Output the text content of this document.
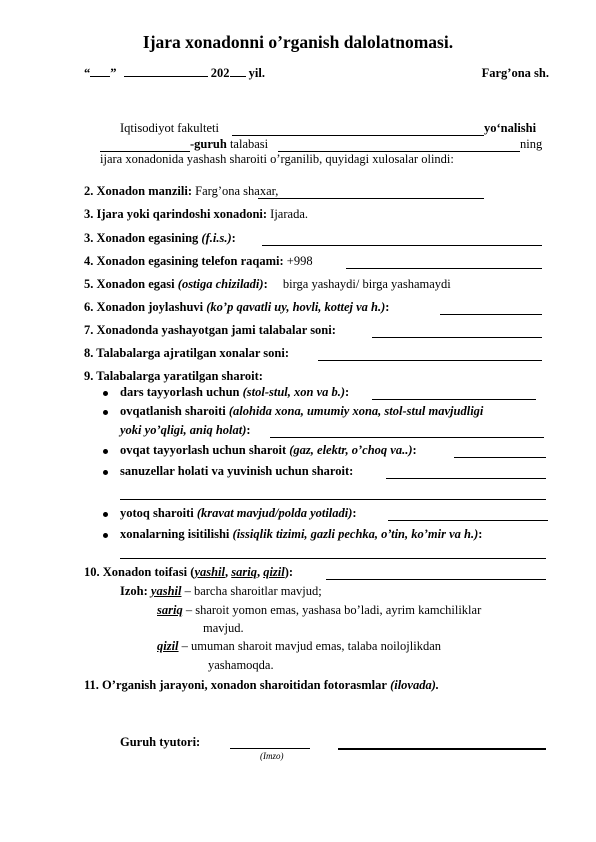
Ijara xonadonni o’rganish dalolatnomasi.
“ ”	202 yil.	Farg’ona sh.
Iqtisodiyot fakulteti	yo‘nalishi
-guruh talabasi	ning
ijara xonadonida yashash sharoiti o’rganilib, quyidagi xulosalar olindi:
2. Xonadon manzili: Farg’ona shaxar,
3. Ijara yoki qarindoshi xonadoni: Ijarada.
3. Xonadon egasining (f.i.s.):
4. Xonadon egasining telefon raqami: +998
5. Xonadon egasi (ostiga chiziladi): birga yashaydi/ birga yashamaydi
6. Xonadon joylashuvi (ko’p qavatli uy, hovli, kottej va h.):
7. Xonadonda yashayotgan jami talabalar soni:
8. Talabalarga ajratilgan xonalar soni:
9. Talabalarga yaratilgan sharoit:
dars tayyorlash uchun (stol-stul, xon va b.):
ovqatlanish sharoiti (alohida xona, umumiy xona, stol-stul mavjudligi
yoki yo’qligi, aniq holat):
ovqat tayyorlash uchun sharoit (gaz, elektr, o’choq va..):
sanuzellar holati va yuvinish uchun sharoit:
yotoq sharoiti (kravat mavjud/polda yotiladi):
xonalarning isitilishi (issiqlik tizimi, gazli pechka, o’tin, ko’mir va h.):
10. Xonadon toifasi (yashil, sariq, qizil):
Izoh: yashil – barcha sharoitlar mavjud;
sariq – sharoit yomon emas, yashasa bo’ladi, ayrim kamchiliklar
mavjud.
qizil – umuman sharoit mavjud emas, talaba noilojlikdan
yashamoqda.
11. O’rganish jarayoni, xonadon sharoitidan fotorasmlar (ilovada).
Guruh tyutori:
(Imzo)
